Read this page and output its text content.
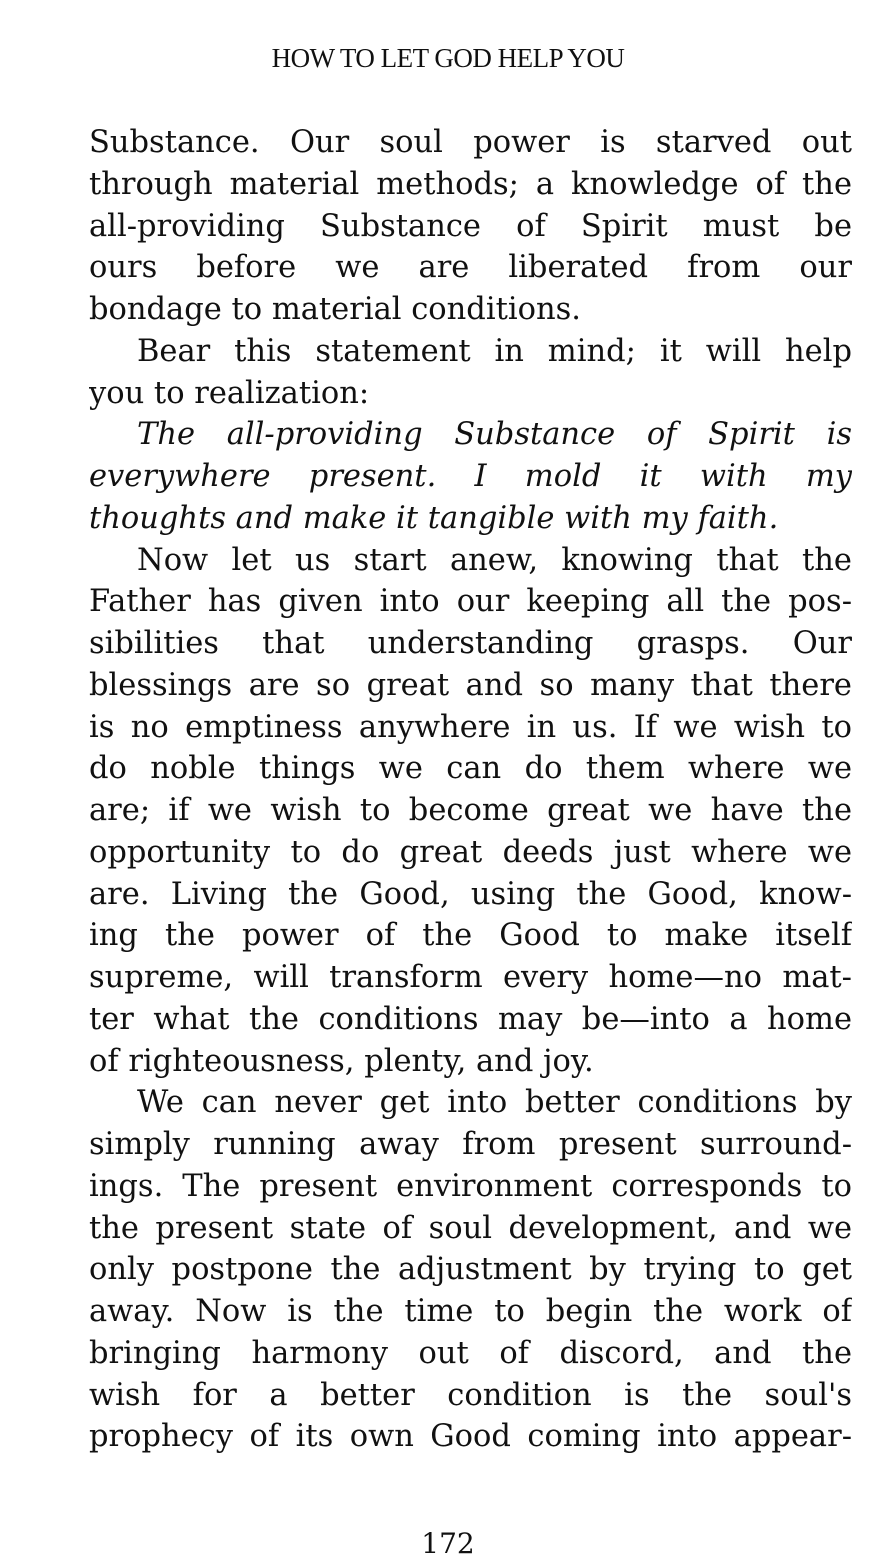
HOW TO LET GOD HELP YOU
Substance. Our soul power is starved out
through material methods; a knowledge of the
all-providing Substance of Spirit must be
ours before we are liberated from our
bondage to material conditions.
Bear this statement in mind; it will help
you to realization:
The all-providing Substance of Spirit is
everywhere present. I mold it with my
thoughts and make it tangible with my faith.
Now let us start anew, knowing that the
Father has given into our keeping all the pos-
sibilities that understanding grasps. Our
blessings are so great and so many that there
is no emptiness anywhere in us. If we wish to
do noble things we can do them where we
are; if we wish to become great we have the
opportunity to do great deeds just where we
are. Living the Good, using the Good, know-
ing the power of the Good to make itself
supreme, will transform every home—no mat-
ter what the conditions may be—into a home
of righteousness, plenty, and joy.
We can never get into better conditions by
simply running away from present surround-
ings. The present environment corresponds to
the present state of soul development, and we
only postpone the adjustment by trying to get
away. Now is the time to begin the work of
bringing harmony out of discord, and the
wish for a better condition is the soul's
prophecy of its own Good coming into appear-
172
